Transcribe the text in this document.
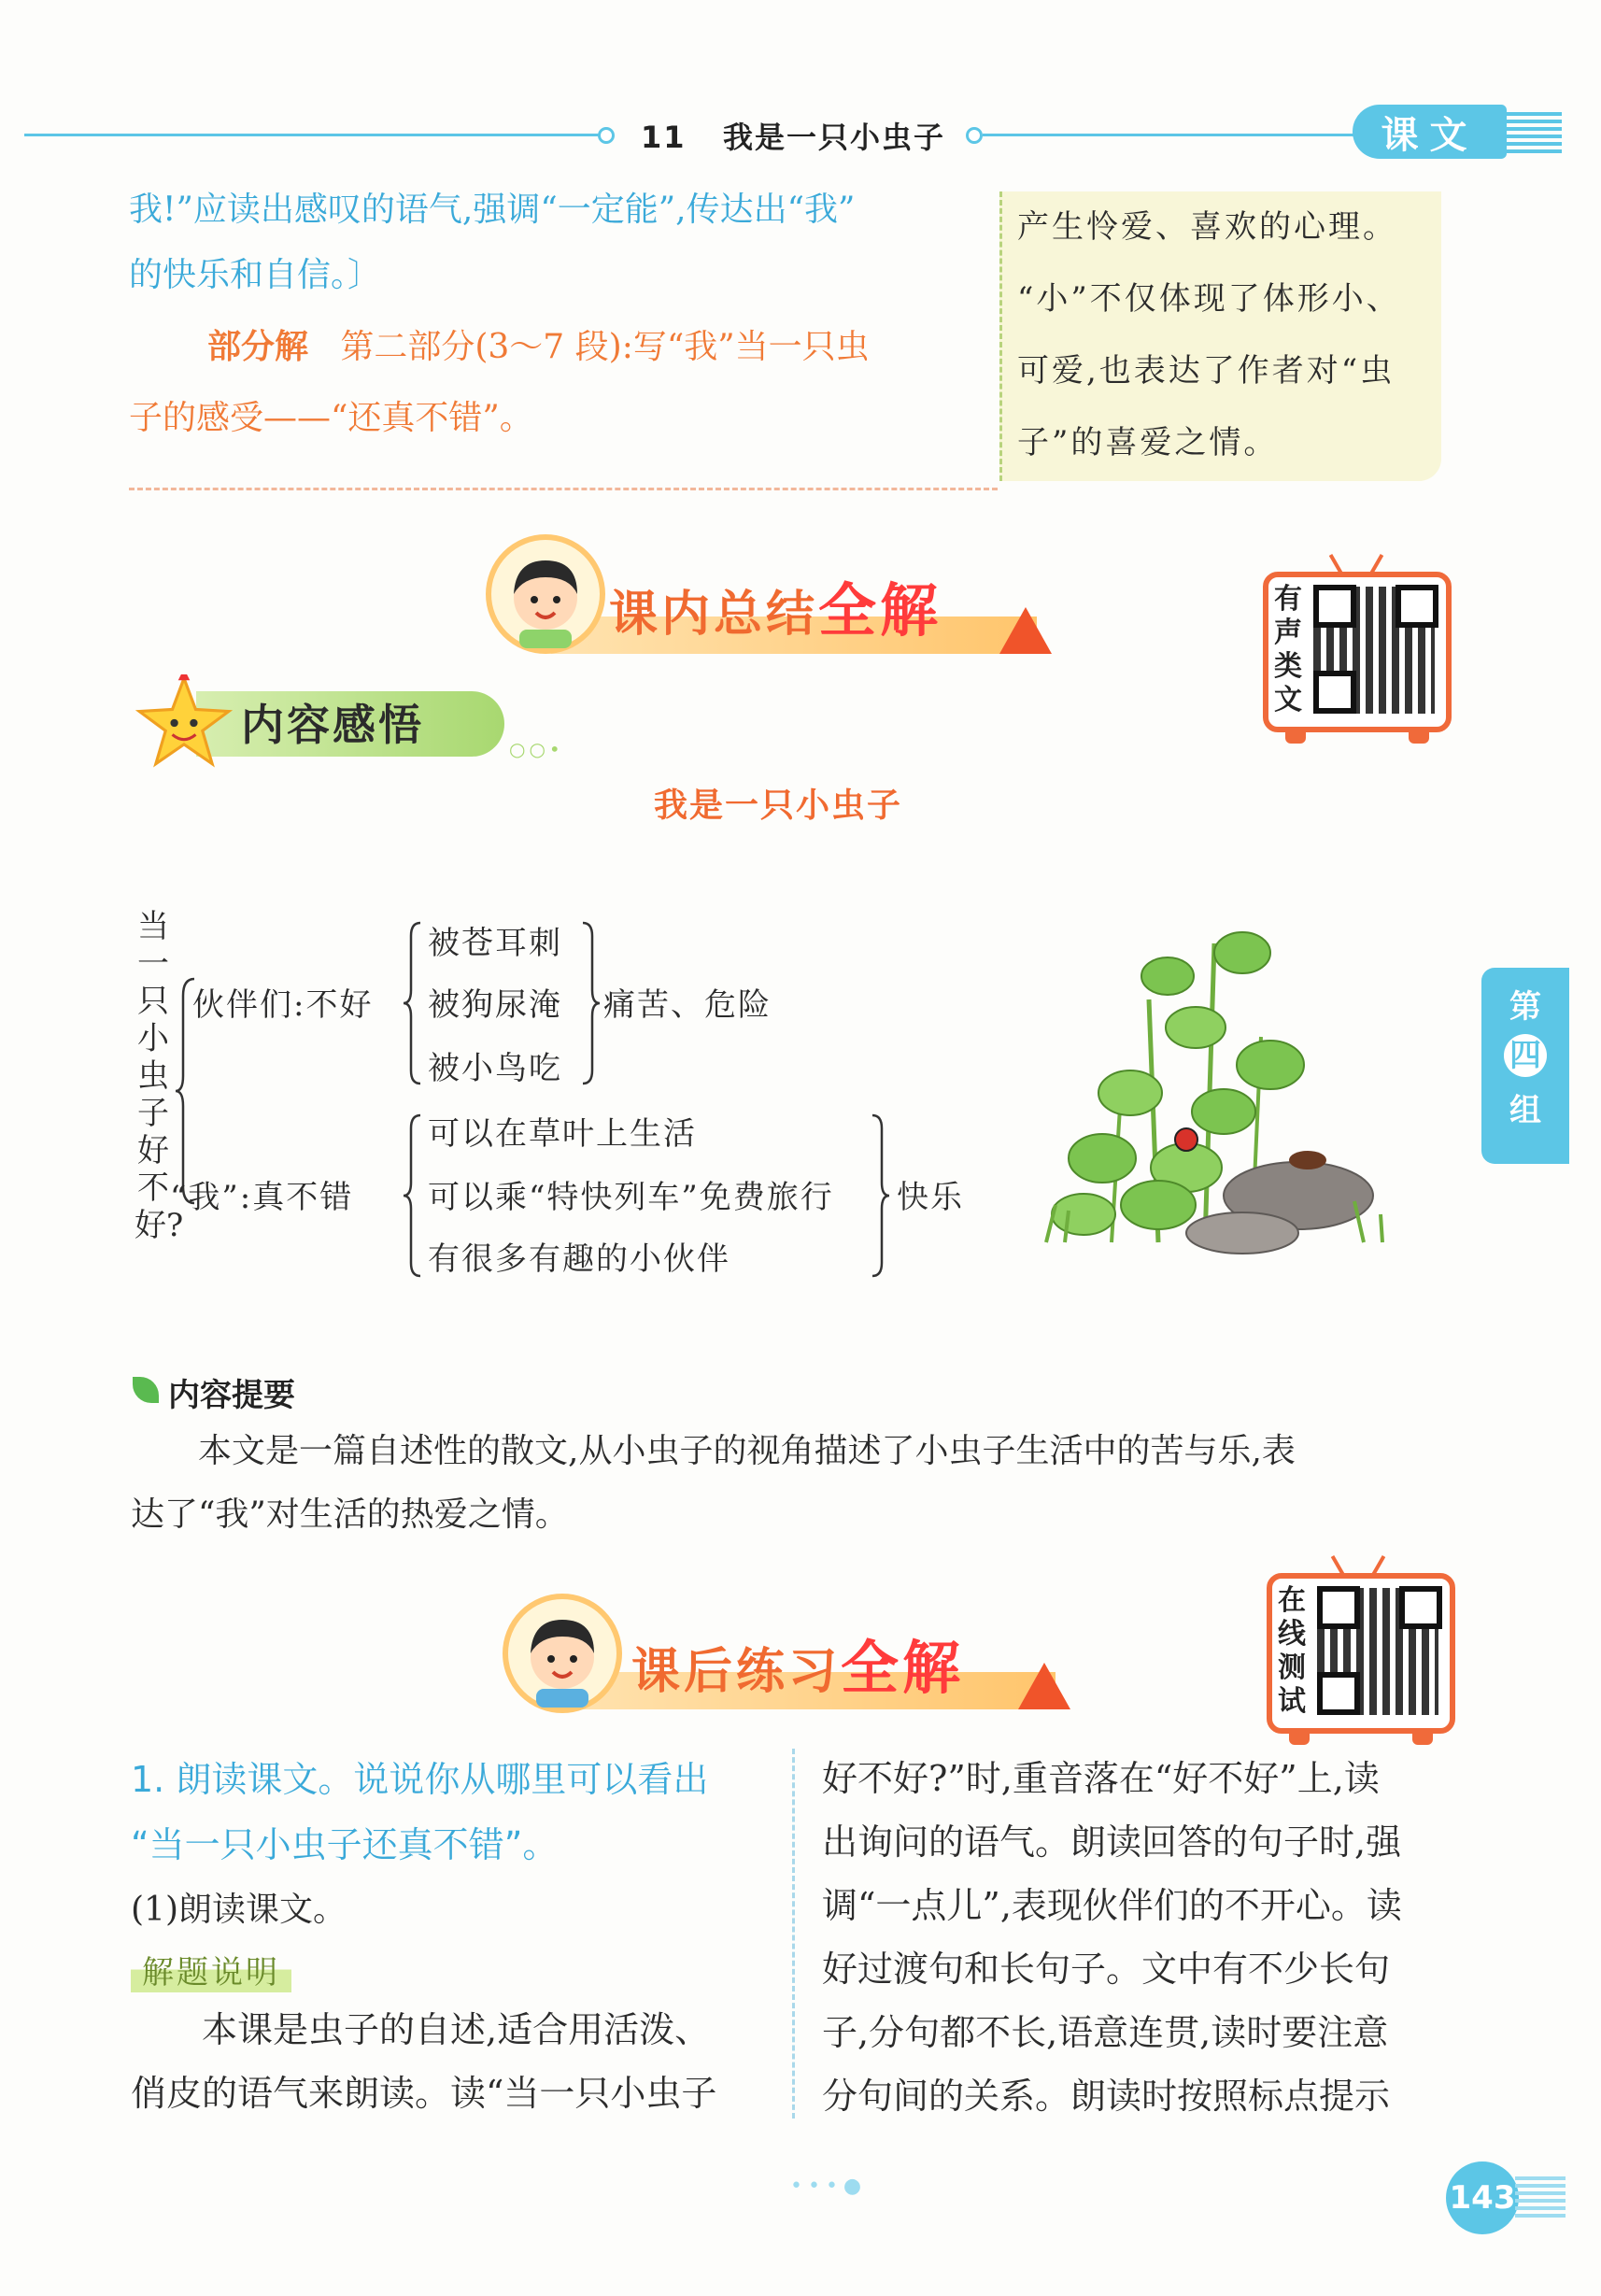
11 我是一只小虫子	课文
我!”应读出感叹的语气,强调“一定能”,传达出“我”
的快乐和自信。〕
部分解 第二部分(3～7 段):写“我”当一只虫
子的感受——“还真不错”。
产生怜爱、喜欢的心理。
“小”不仅体现了体形小、
可爱,也表达了作者对“虫
子”的喜爱之情。
课内总结全解	有声类文
内容感悟	○○•
我是一只小虫子
当一只小虫子好不好?
伙伴们:不好
被苍耳刺
被狗尿淹
被小鸟吃
痛苦、危险
“我”:真不错
可以在草叶上生活
可以乘“特快列车”免费旅行
有很多有趣的小伙伴
快乐
第
四
组
内容提要
本文是一篇自述性的散文,从小虫子的视角描述了小虫子生活中的苦与乐,表
达了“我”对生活的热爱之情。
课后练习全解
在线测试
1. 朗读课文。说说你从哪里可以看出
“当一只小虫子还真不错”。
(1)朗读课文。
解题说明
本课是虫子的自述,适合用活泼、
俏皮的语气来朗读。读“当一只小虫子
好不好?”时,重音落在“好不好”上,读
出询问的语气。朗读回答的句子时,强
调“一点儿”,表现伙伴们的不开心。读
好过渡句和长句子。文中有不少长句
子,分句都不长,语意连贯,读时要注意
分句间的关系。朗读时按照标点提示
•••●	143
